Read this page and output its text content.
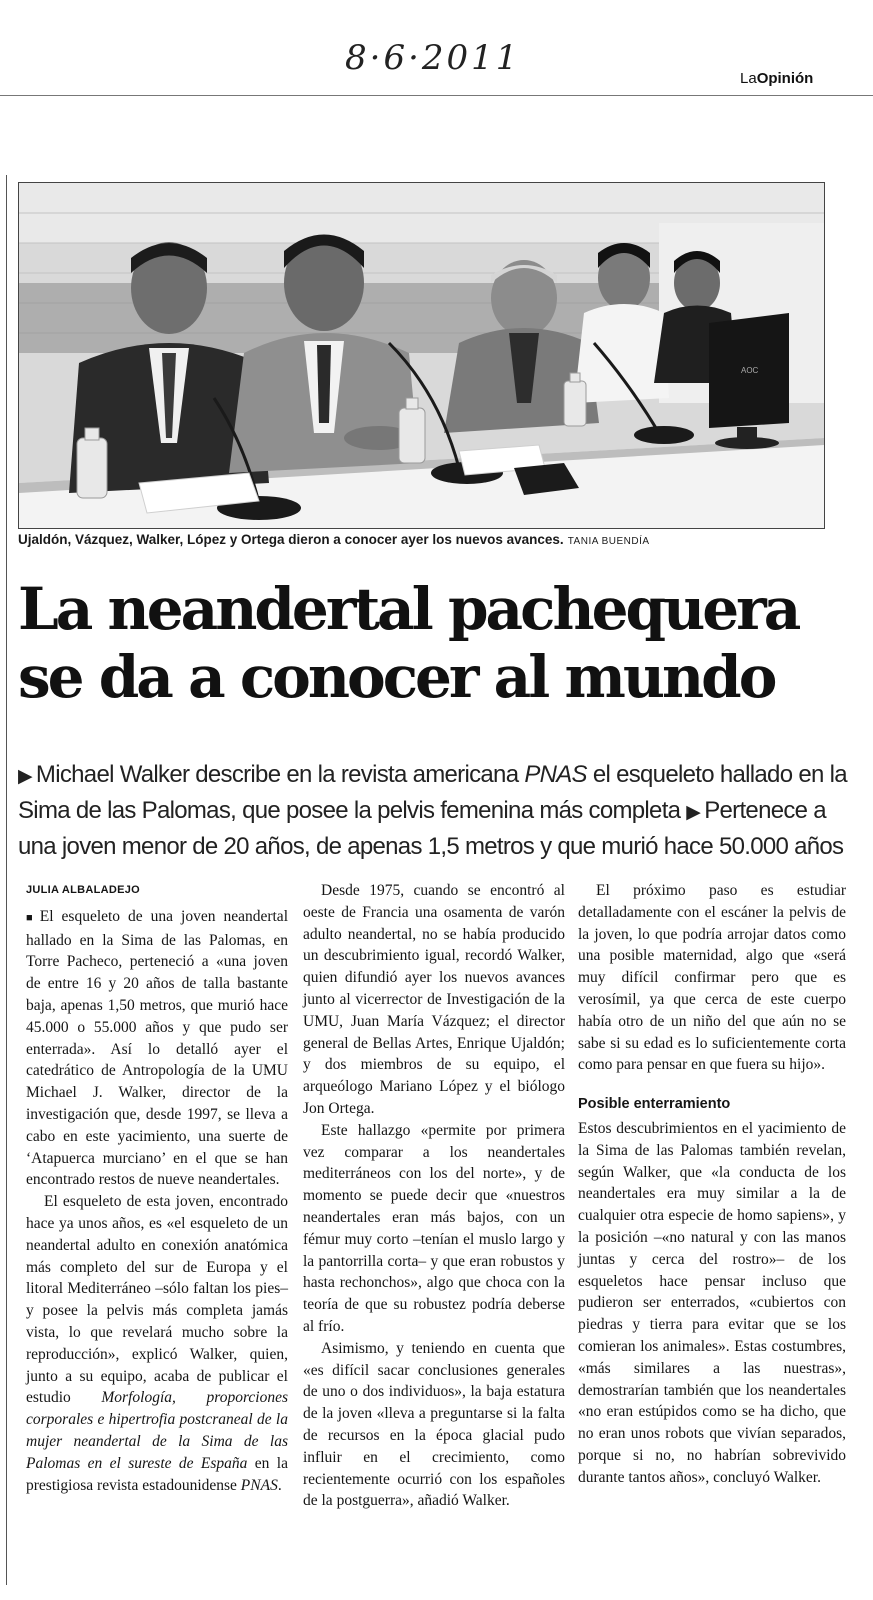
8·6·2011
LaOpinión
AOC
Ujaldón, Vázquez, Walker, López y Ortega dieron a conocer ayer los nuevos avances. TANIA BUENDÍA
La neandertal pachequera
se da a conocer al mundo
▶ Michael Walker describe en la revista americana PNAS el esqueleto hallado en la Sima de las Palomas, que posee la pelvis femenina más completa ▶ Pertenece a una joven menor de 20 años, de apenas 1,5 metros y que murió hace 50.000 años
JULIA ALBALADEJO

■ El esqueleto de una joven neandertal hallado en la Sima de las Palomas, en Torre Pacheco, perteneció a «una joven de entre 16 y 20 años de talla bastante baja, apenas 1,50 metros, que murió hace 45.000 o 55.000 años y que pudo ser enterrada». Así lo detalló ayer el catedrático de Antropología de la UMU Michael J. Walker, director de la investigación que, desde 1997, se lleva a cabo en este yacimiento, una suerte de ‘Atapuerca murciano’ en el que se han encontrado restos de nueve neandertales.

El esqueleto de esta joven, encontrado hace ya unos años, es «el esqueleto de un neandertal adulto en conexión anatómica más completo del sur de Europa y el litoral Mediterráneo –sólo faltan los pies– y posee la pelvis más completa jamás vista, lo que revelará mucho sobre la reproducción», explicó Walker, quien, junto a su equipo, acaba de publicar el estudio Morfología, proporciones corporales e hipertrofia postcraneal de la mujer neandertal de la Sima de las Palomas en el sureste de España en la prestigiosa revista estadounidense PNAS.

Desde 1975, cuando se encontró al oeste de Francia una osamenta de varón adulto neandertal, no se había producido un descubrimiento igual, recordó Walker, quien difundió ayer los nuevos avances junto al vicerrector de Investigación de la UMU, Juan María Vázquez; el director general de Bellas Artes, Enrique Ujaldón; y dos miembros de su equipo, el arqueólogo Mariano López y el biólogo Jon Ortega.

Este hallazgo «permite por primera vez comparar a los neandertales mediterráneos con los del norte», y de momento se puede decir que «nuestros neandertales eran más bajos, con un fémur muy corto –tenían el muslo largo y la pantorrilla corta– y que eran robustos y hasta rechonchos», algo que choca con la teoría de que su robustez podría deberse al frío.

Asimismo, y teniendo en cuenta que «es difícil sacar conclusiones generales de uno o dos individuos», la baja estatura de la joven «lleva a preguntarse si la falta de recursos en la época glacial pudo influir en el crecimiento, como recientemente ocurrió con los españoles de la postguerra», añadió Walker.

El próximo paso es estudiar detalladamente con el escáner la pelvis de la joven, lo que podría arrojar datos como una posible maternidad, algo que «será muy difícil confirmar pero que es verosímil, ya que cerca de este cuerpo había otro de un niño del que aún no se sabe si su edad es lo suficientemente corta como para pensar en que fuera su hijo».

Posible enterramiento

Estos descubrimientos en el yacimiento de la Sima de las Palomas también revelan, según Walker, que «la conducta de los neandertales era muy similar a la de cualquier otra especie de homo sapiens», y la posición –«no natural y con las manos juntas y cerca del rostro»– de los esqueletos hace pensar incluso que pudieron ser enterrados, «cubiertos con piedras y tierra para evitar que se los comieran los animales». Estas costumbres, «más similares a las nuestras», demostrarían también que los neandertales «no eran estúpidos como se ha dicho, que no eran unos robots que vivían separados, porque si no, no habrían sobrevivido durante tantos años», concluyó Walker.
